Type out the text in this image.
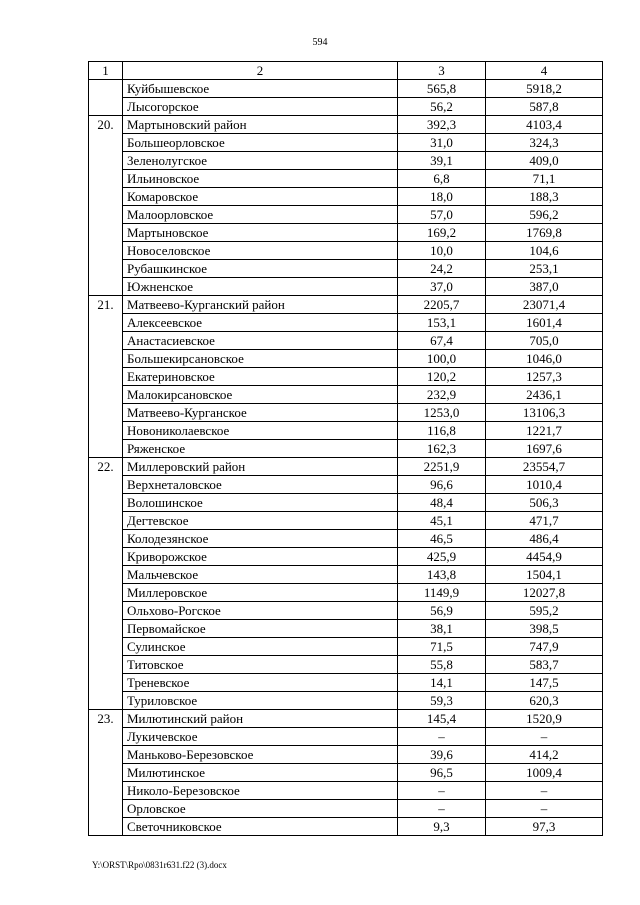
594
1	2	3	4
	Куйбышевское	565,8	5918,2
	Лысогорское	56,2	587,8
20.	Мартыновский район	392,3	4103,4
	Большеорловское	31,0	324,3
	Зеленолугское	39,1	409,0
	Ильиновское	6,8	71,1
	Комаровское	18,0	188,3
	Малоорловское	57,0	596,2
	Мартыновское	169,2	1769,8
	Новоселовское	10,0	104,6
	Рубашкинское	24,2	253,1
	Южненское	37,0	387,0
21.	Матвеево-Курганский район	2205,7	23071,4
	Алексеевское	153,1	1601,4
	Анастасиевское	67,4	705,0
	Большекирсановское	100,0	1046,0
	Екатериновское	120,2	1257,3
	Малокирсановское	232,9	2436,1
	Матвеево-Курганское	1253,0	13106,3
	Новониколаевское	116,8	1221,7
	Ряженское	162,3	1697,6
22.	Миллеровский район	2251,9	23554,7
	Верхнеталовское	96,6	1010,4
	Волошинское	48,4	506,3
	Дегтевское	45,1	471,7
	Колодезянское	46,5	486,4
	Криворожское	425,9	4454,9
	Мальчевское	143,8	1504,1
	Миллеровское	1149,9	12027,8
	Ольхово-Рогское	56,9	595,2
	Первомайское	38,1	398,5
	Сулинское	71,5	747,9
	Титовское	55,8	583,7
	Треневское	14,1	147,5
	Туриловское	59,3	620,3
23.	Милютинский район	145,4	1520,9
	Лукичевское	–	–
	Маньково-Березовское	39,6	414,2
	Милютинское	96,5	1009,4
	Николо-Березовское	–	–
	Орловское	–	–
	Светочниковское	9,3	97,3
Y:\ORST\Rpo\0831r631.f22 (3).docx
